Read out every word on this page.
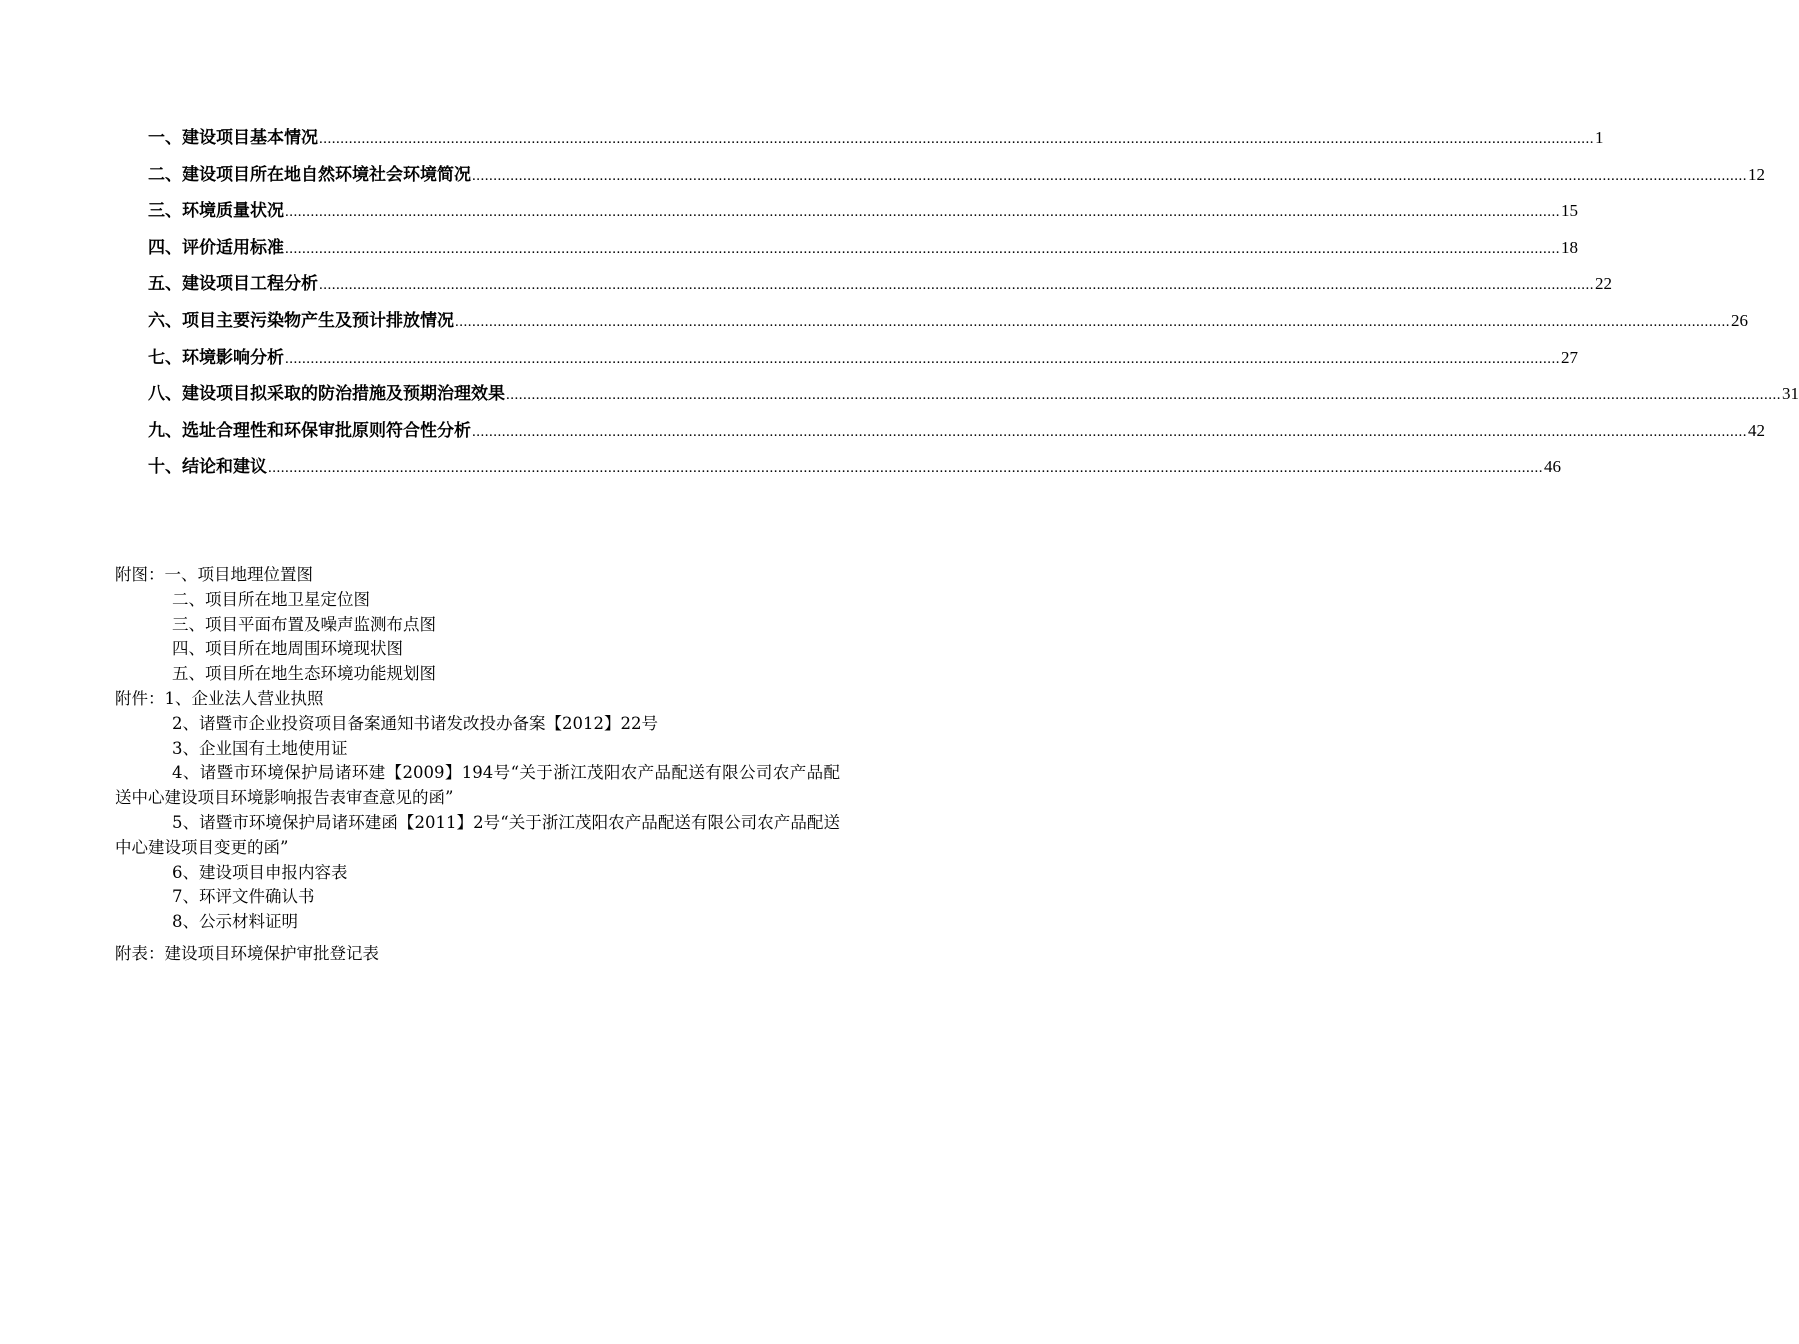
一、建设项目基本情况 ............................................................................................................................................................................................................................................................................................................ 1
二、建设项目所在地自然环境社会环境简况 ............................................................................................................................................................................................................................................................................................................ 12
三、环境质量状况 ............................................................................................................................................................................................................................................................................................................ 15
四、评价适用标准 ............................................................................................................................................................................................................................................................................................................ 18
五、建设项目工程分析 ............................................................................................................................................................................................................................................................................................................ 22
六、项目主要污染物产生及预计排放情况 ............................................................................................................................................................................................................................................................................................................ 26
七、环境影响分析 ............................................................................................................................................................................................................................................................................................................ 27
八、建设项目拟采取的防治措施及预期治理效果 ............................................................................................................................................................................................................................................................................................................ 31
九、选址合理性和环保审批原则符合性分析 ............................................................................................................................................................................................................................................................................................................ 42
十、结论和建议 ............................................................................................................................................................................................................................................................................................................ 46
附图：一、项目地理位置图
二、项目所在地卫星定位图
三、项目平面布置及噪声监测布点图
四、项目所在地周围环境现状图
五、项目所在地生态环境功能规划图
附件：1、企业法人营业执照
2、诸暨市企业投资项目备案通知书诸发改投办备案【2012】22号
3、企业国有土地使用证

4、诸暨市环境保护局诸环建【2009】194号“关于浙江茂阳农产品配送有限公司农产品配送中心建设项目环境影响报告表审查意见的函”

5、诸暨市环境保护局诸环建函【2011】2号“关于浙江茂阳农产品配送有限公司农产品配送中心建设项目变更的函”

6、建设项目申报内容表
7、环评文件确认书
8、公示材料证明
附表：建设项目环境保护审批登记表
